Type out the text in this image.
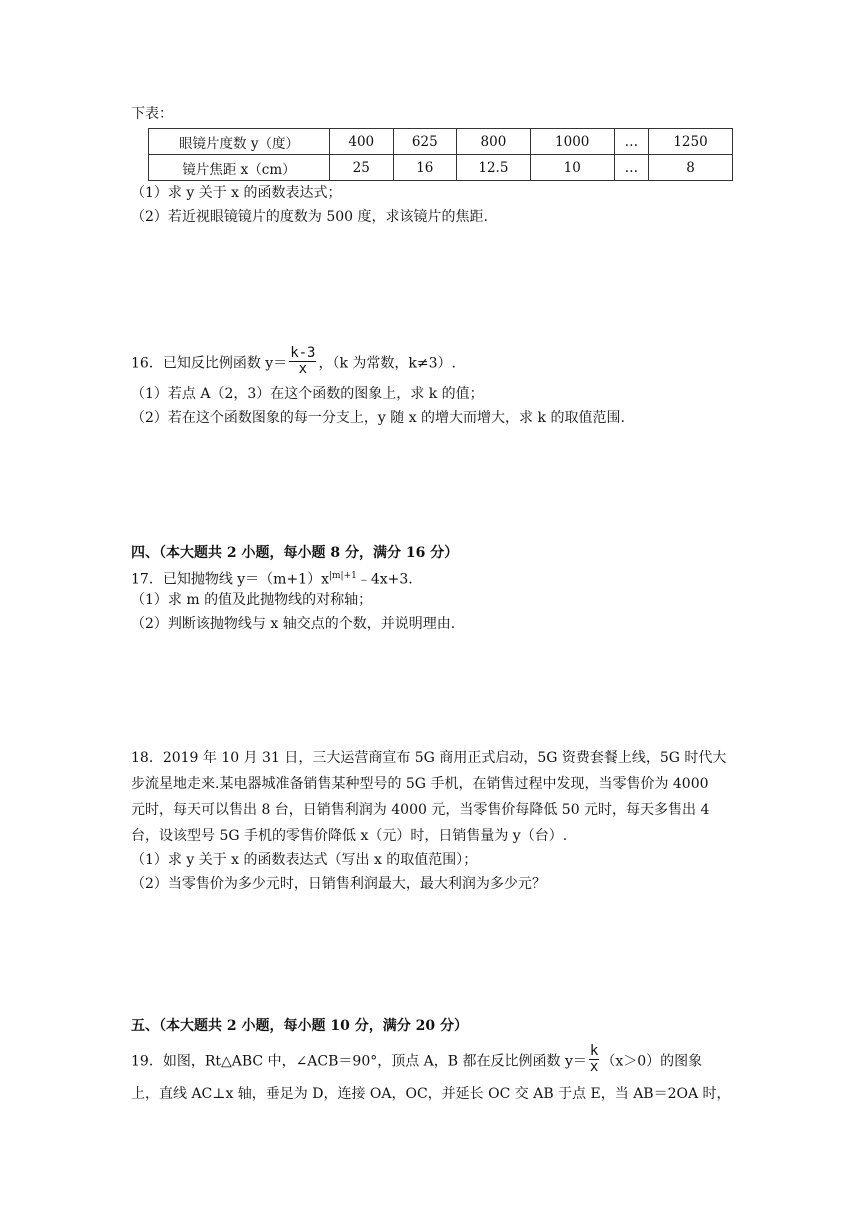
下表：
眼镜片度数 y（度）	400	625	800	1000	…	1250
镜片焦距 x（cm）	25	16	12.5	10	…	8
（1）求 y 关于 x 的函数表达式；
（2）若近视眼镜镜片的度数为 500 度，求该镜片的焦距.
16．已知反比例函数 $y= \frac{k-3}{x}$ ，（k 为常数，k≠3）.
（1）若点 A（2，3）在这个函数的图象上，求 k 的值；
（2）若在这个函数图象的每一分支上，y 随 x 的增大而增大，求 k 的取值范围.
四、（本大题共 2 小题，每小题 8 分，满分 16 分）
17．已知抛物线 $y=(m+1)x^{|m|+1}﹣4x+3$.
（1）求 m 的值及此抛物线的对称轴；
（2）判断该抛物线与 x 轴交点的个数，并说明理由.
18．2019 年 10 月 31 日，三大运营商宣布 5G 商用正式启动，5G 资费套餐上线，5G 时代大
步流星地走来.某电器城准备销售某种型号的 5G 手机，在销售过程中发现，当零售价为 4000
元时，每天可以售出 8 台，日销售利润为 4000 元，当零售价每降低 50 元时，每天多售出 4
台，设该型号 5G 手机的零售价降低 x（元）时，日销售量为 y（台）.
（1）求 y 关于 x 的函数表达式（写出 x 的取值范围）；
（2）当零售价为多少元时，日销售利润最大，最大利润为多少元？
五、（本大题共 2 小题，每小题 10 分，满分 20 分）
19．如图，Rt△ABC 中，∠ACB＝90°，顶点 A，B 都在反比例函数 $y= \frac{k}{x} (x>0)$的图象
上，直线 AC⊥x 轴，垂足为 D，连接 OA，OC，并延长 OC 交 AB 于点 E，当 AB＝2OA 时，
